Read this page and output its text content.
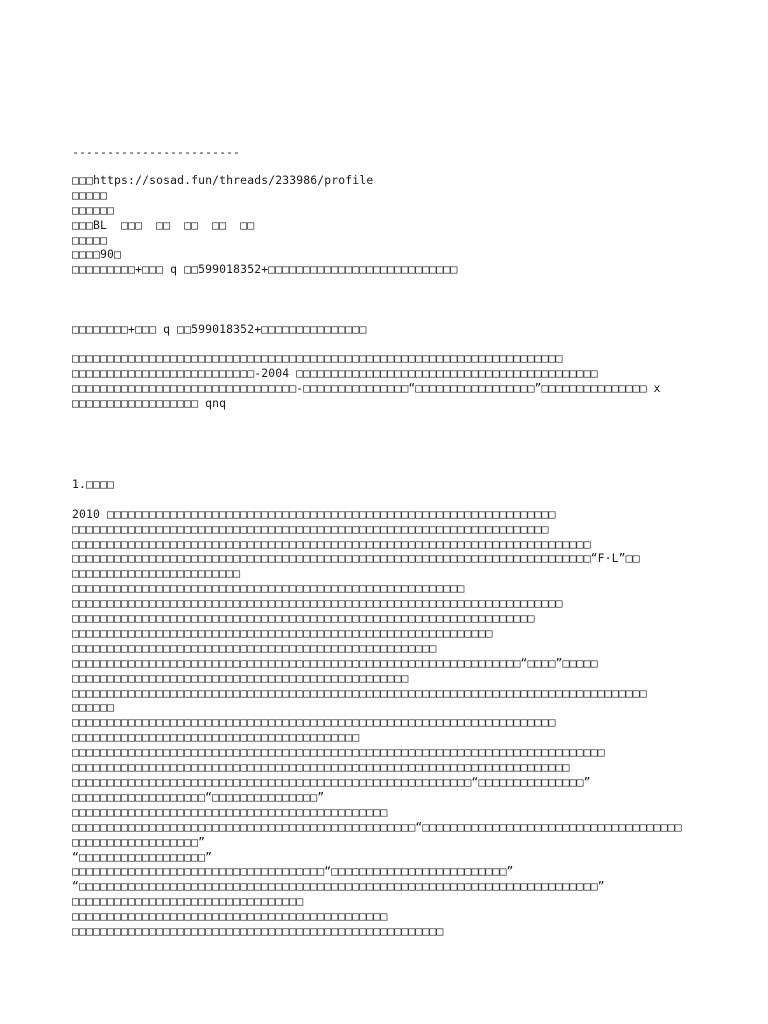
------------------------
□□□https://sosad.fun/threads/233986/profile
□□□□□
□□□□□□
□□□BL  □□□  □□  □□  □□  □□
□□□□□
□□□□90□
□□□□□□□□□+□□□ q □□599018352+□□□□□□□□□□□□□□□□□□□□□□□□□□□
□□□□□□□□+□□□ q □□599018352+□□□□□□□□□□□□□□□
□□□□□□□□□□□□□□□□□□□□□□□□□□□□□□□□□□□□□□□□□□□□□□□□□□□□□□□□□□□□□□□□□□□□□□
□□□□□□□□□□□□□□□□□□□□□□□□□□-2004 □□□□□□□□□□□□□□□□□□□□□□□□□□□□□□□□□□□□□□□□□□□
□□□□□□□□□□□□□□□□□□□□□□□□□□□□□□□□-□□□□□□□□□□□□□□□“□□□□□□□□□□□□□□□□□”□□□□□□□□□□□□□□□ x
□□□□□□□□□□□□□□□□□□ qnq
1.□□□□
2010 □□□□□□□□□□□□□□□□□□□□□□□□□□□□□□□□□□□□□□□□□□□□□□□□□□□□□□□□□□□□□□□□
□□□□□□□□□□□□□□□□□□□□□□□□□□□□□□□□□□□□□□□□□□□□□□□□□□□□□□□□□□□□□□□□□□□□
□□□□□□□□□□□□□□□□□□□□□□□□□□□□□□□□□□□□□□□□□□□□□□□□□□□□□□□□□□□□□□□□□□□□□□□□□□
□□□□□□□□□□□□□□□□□□□□□□□□□□□□□□□□□□□□□□□□□□□□□□□□□□□□□□□□□□□□□□□□□□□□□□□□□□“F·L”□□
□□□□□□□□□□□□□□□□□□□□□□□□
□□□□□□□□□□□□□□□□□□□□□□□□□□□□□□□□□□□□□□□□□□□□□□□□□□□□□□□□
□□□□□□□□□□□□□□□□□□□□□□□□□□□□□□□□□□□□□□□□□□□□□□□□□□□□□□□□□□□□□□□□□□□□□□
□□□□□□□□□□□□□□□□□□□□□□□□□□□□□□□□□□□□□□□□□□□□□□□□□□□□□□□□□□□□□□□□□□
□□□□□□□□□□□□□□□□□□□□□□□□□□□□□□□□□□□□□□□□□□□□□□□□□□□□□□□□□□□□
□□□□□□□□□□□□□□□□□□□□□□□□□□□□□□□□□□□□□□□□□□□□□□□□□□□□
□□□□□□□□□□□□□□□□□□□□□□□□□□□□□□□□□□□□□□□□□□□□□□□□□□□□□□□□□□□□□□□□“□□□□”□□□□□
□□□□□□□□□□□□□□□□□□□□□□□□□□□□□□□□□□□□□□□□□□□□□□□□
□□□□□□□□□□□□□□□□□□□□□□□□□□□□□□□□□□□□□□□□□□□□□□□□□□□□□□□□□□□□□□□□□□□□□□□□□□□□□□□□□□
□□□□□□
□□□□□□□□□□□□□□□□□□□□□□□□□□□□□□□□□□□□□□□□□□□□□□□□□□□□□□□□□□□□□□□□□□□□□
□□□□□□□□□□□□□□□□□□□□□□□□□□□□□□□□□□□□□□□□□
□□□□□□□□□□□□□□□□□□□□□□□□□□□□□□□□□□□□□□□□□□□□□□□□□□□□□□□□□□□□□□□□□□□□□□□□□□□□
□□□□□□□□□□□□□□□□□□□□□□□□□□□□□□□□□□□□□□□□□□□□□□□□□□□□□□□□□□□□□□□□□□□□□□□
□□□□□□□□□□□□□□□□□□□□□□□□□□□□□□□□□□□□□□□□□□□□□□□□□□□□□□□□□“□□□□□□□□□□□□□□□”
□□□□□□□□□□□□□□□□□□□“□□□□□□□□□□□□□□□”
□□□□□□□□□□□□□□□□□□□□□□□□□□□□□□□□□□□□□□□□□□□□□
□□□□□□□□□□□□□□□□□□□□□□□□□□□□□□□□□□□□□□□□□□□□□□□□□“□□□□□□□□□□□□□□□□□□□□□□□□□□□□□□□□□□□□□
□□□□□□□□□□□□□□□□□□”
“□□□□□□□□□□□□□□□□□□”
□□□□□□□□□□□□□□□□□□□□□□□□□□□□□□□□□□□□“□□□□□□□□□□□□□□□□□□□□□□□□□”
“□□□□□□□□□□□□□□□□□□□□□□□□□□□□□□□□□□□□□□□□□□□□□□□□□□□□□□□□□□□□□□□□□□□□□□□□□□”
□□□□□□□□□□□□□□□□□□□□□□□□□□□□□□□□□
□□□□□□□□□□□□□□□□□□□□□□□□□□□□□□□□□□□□□□□□□□□□□
□□□□□□□□□□□□□□□□□□□□□□□□□□□□□□□□□□□□□□□□□□□□□□□□□□□□□
